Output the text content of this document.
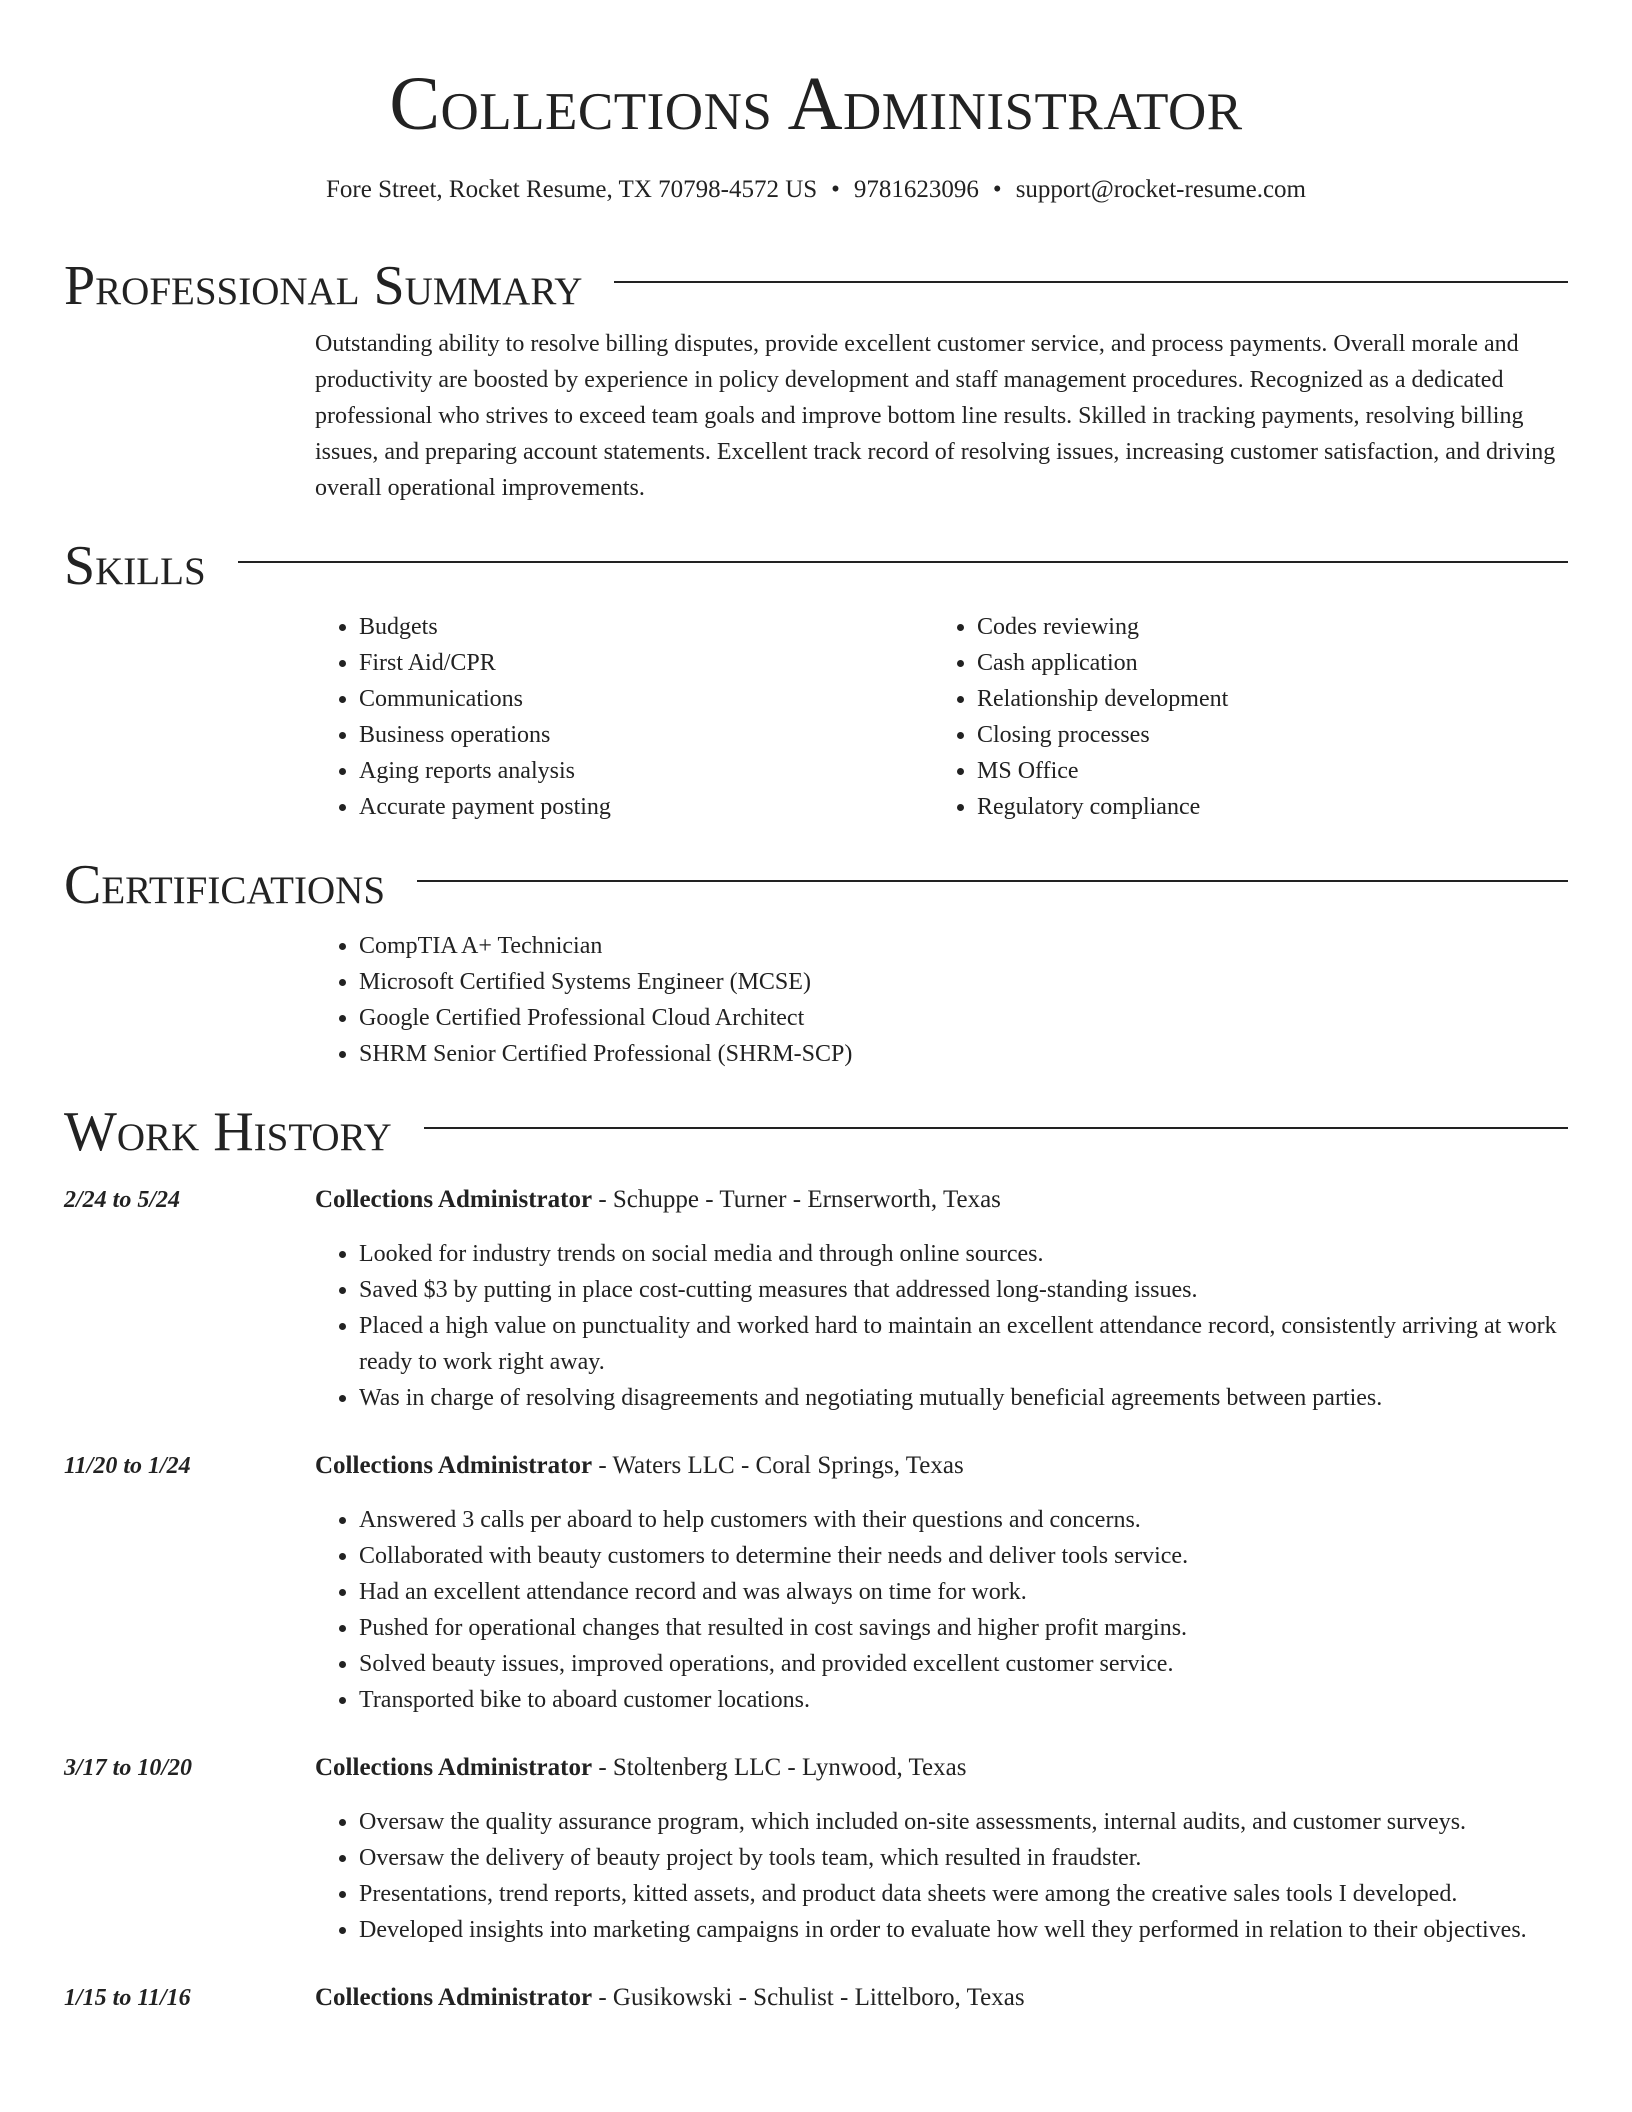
Collections Administrator
Fore Street, Rocket Resume, TX 70798-4572 US • 9781623096 • support@rocket-resume.com
Professional Summary

Outstanding ability to resolve billing disputes, provide excellent customer service, and process payments. Overall morale and productivity are boosted by experience in policy development and staff management procedures. Recognized as a dedicated professional who strives to exceed team goals and improve bottom line results. Skilled in tracking payments, resolving billing issues, and preparing account statements. Excellent track record of resolving issues, increasing customer satisfaction, and driving overall operational improvements.

Skills
• Budgets
• First Aid/CPR
• Communications
• Business operations
• Aging reports analysis
• Accurate payment posting
• Codes reviewing
• Cash application
• Relationship development
• Closing processes
• MS Office
• Regulatory compliance
Certifications
• CompTIA A+ Technician
• Microsoft Certified Systems Engineer (MCSE)
• Google Certified Professional Cloud Architect
• SHRM Senior Certified Professional (SHRM-SCP)
Work History
2/24 to 5/24	Collections Administrator - Schuppe - Turner - Ernserworth, Texas
• Looked for industry trends on social media and through online sources.
• Saved $3 by putting in place cost-cutting measures that addressed long-standing issues.
• Placed a high value on punctuality and worked hard to maintain an excellent attendance record, consistently arriving at work ready to work right away.
• Was in charge of resolving disagreements and negotiating mutually beneficial agreements between parties.
11/20 to 1/24	Collections Administrator - Waters LLC - Coral Springs, Texas
• Answered 3 calls per aboard to help customers with their questions and concerns.
• Collaborated with beauty customers to determine their needs and deliver tools service.
• Had an excellent attendance record and was always on time for work.
• Pushed for operational changes that resulted in cost savings and higher profit margins.
• Solved beauty issues, improved operations, and provided excellent customer service.
• Transported bike to aboard customer locations.
3/17 to 10/20	Collections Administrator - Stoltenberg LLC - Lynwood, Texas
• Oversaw the quality assurance program, which included on-site assessments, internal audits, and customer surveys.
• Oversaw the delivery of beauty project by tools team, which resulted in fraudster.
• Presentations, trend reports, kitted assets, and product data sheets were among the creative sales tools I developed.
• Developed insights into marketing campaigns in order to evaluate how well they performed in relation to their objectives.
1/15 to 11/16	Collections Administrator - Gusikowski - Schulist - Littelboro, Texas
